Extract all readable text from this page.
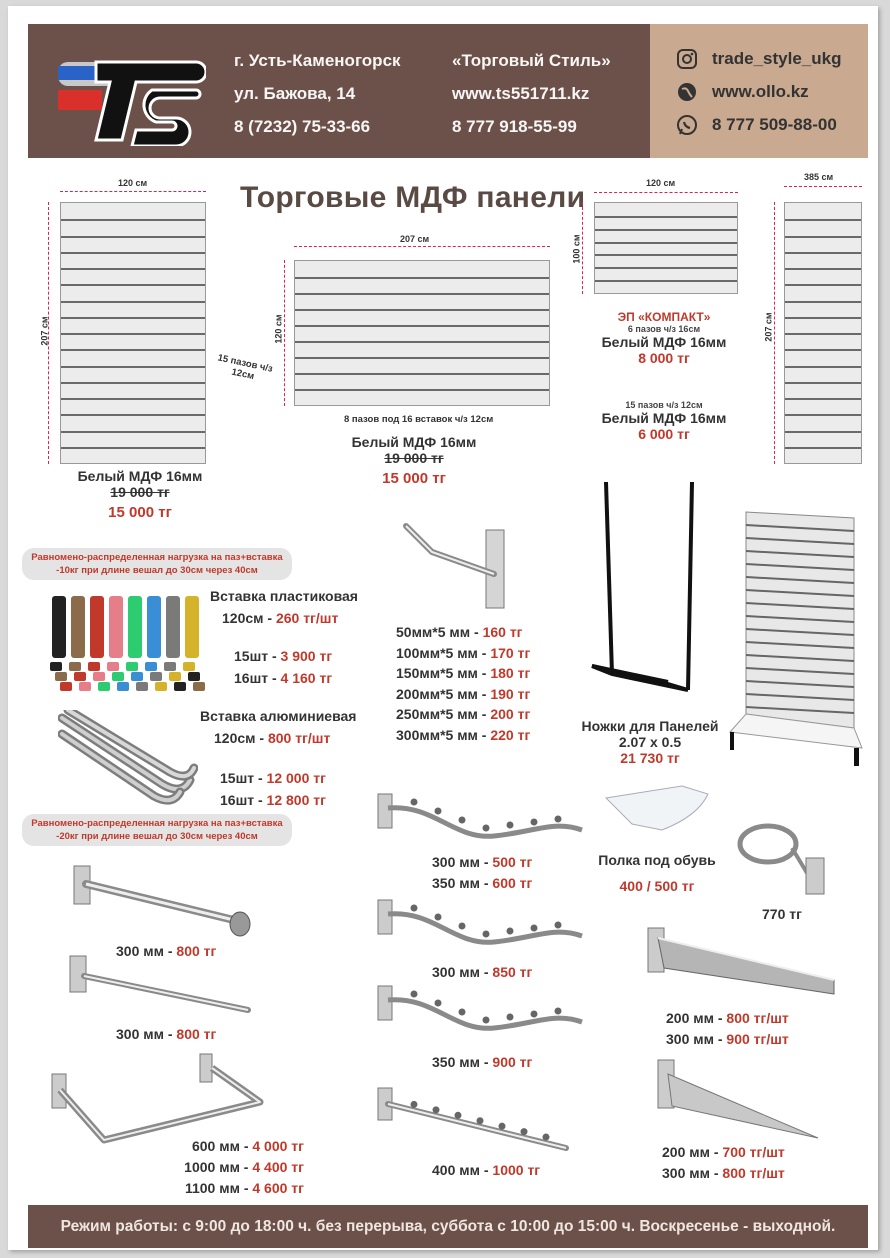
г. Усть-Каменогорск
ул. Бажова, 14
8 (7232) 75-33-66
«Торговый Стиль»
www.ts551711.kz
8 777 918-55-99
trade_style_ukg
www.ollo.kz
8 777 509-88-00
Торговые МДФ панели
120 см
207 см
15 пазов ч/з 12см
Белый МДФ 16мм
19 000 тг
15 000 тг
207 см
120 см
8 пазов под 16 вставок ч/з 12см
Белый МДФ 16мм
19 000 тг
15 000 тг
120 см
100 см
ЭП «КОМПАКТ»
6 пазов ч/з 16см
Белый МДФ 16мм
8 000 тг
15 пазов ч/з 12см
Белый МДФ 16мм
6 000 тг
385 см
207 см
Равномено-распределенная нагрузка на паз+вставка
-10кг при длине вешал до 30см через 40см
Вставка пластиковая
120см - 260 тг/шт
15шт - 3 900 тг
16шт - 4 160 тг
Вставка алюминиевая
120см - 800 тг/шт
15шт - 12 000 тг
16шт - 12 800 тг
Равномено-распределенная нагрузка на паз+вставка
-20кг при длине вешал до 30см через 40см
50мм*5 мм - 160 тг
100мм*5 мм - 170 тг
150мм*5 мм - 180 тг
200мм*5 мм - 190 тг
250мм*5 мм - 200 тг
300мм*5 мм - 220 тг
Ножки для Панелей
2.07 x 0.5
21 730 тг
Полка под обувь
400 / 500 тг
770 тг
300 мм - 800 тг
300 мм - 800 тг
600 мм - 4 000 тг
1000 мм - 4 400 тг
1100 мм - 4 600 тг
300 мм - 500 тг
350 мм - 600 тг
300 мм - 850 тг
350 мм - 900 тг
400 мм - 1000 тг
200 мм - 800 тг/шт
300 мм - 900 тг/шт
200 мм - 700 тг/шт
300 мм - 800 тг/шт
Режим работы: с 9:00 до 18:00 ч. без перерыва, суббота с 10:00 до 15:00 ч. Воскресенье - выходной.
